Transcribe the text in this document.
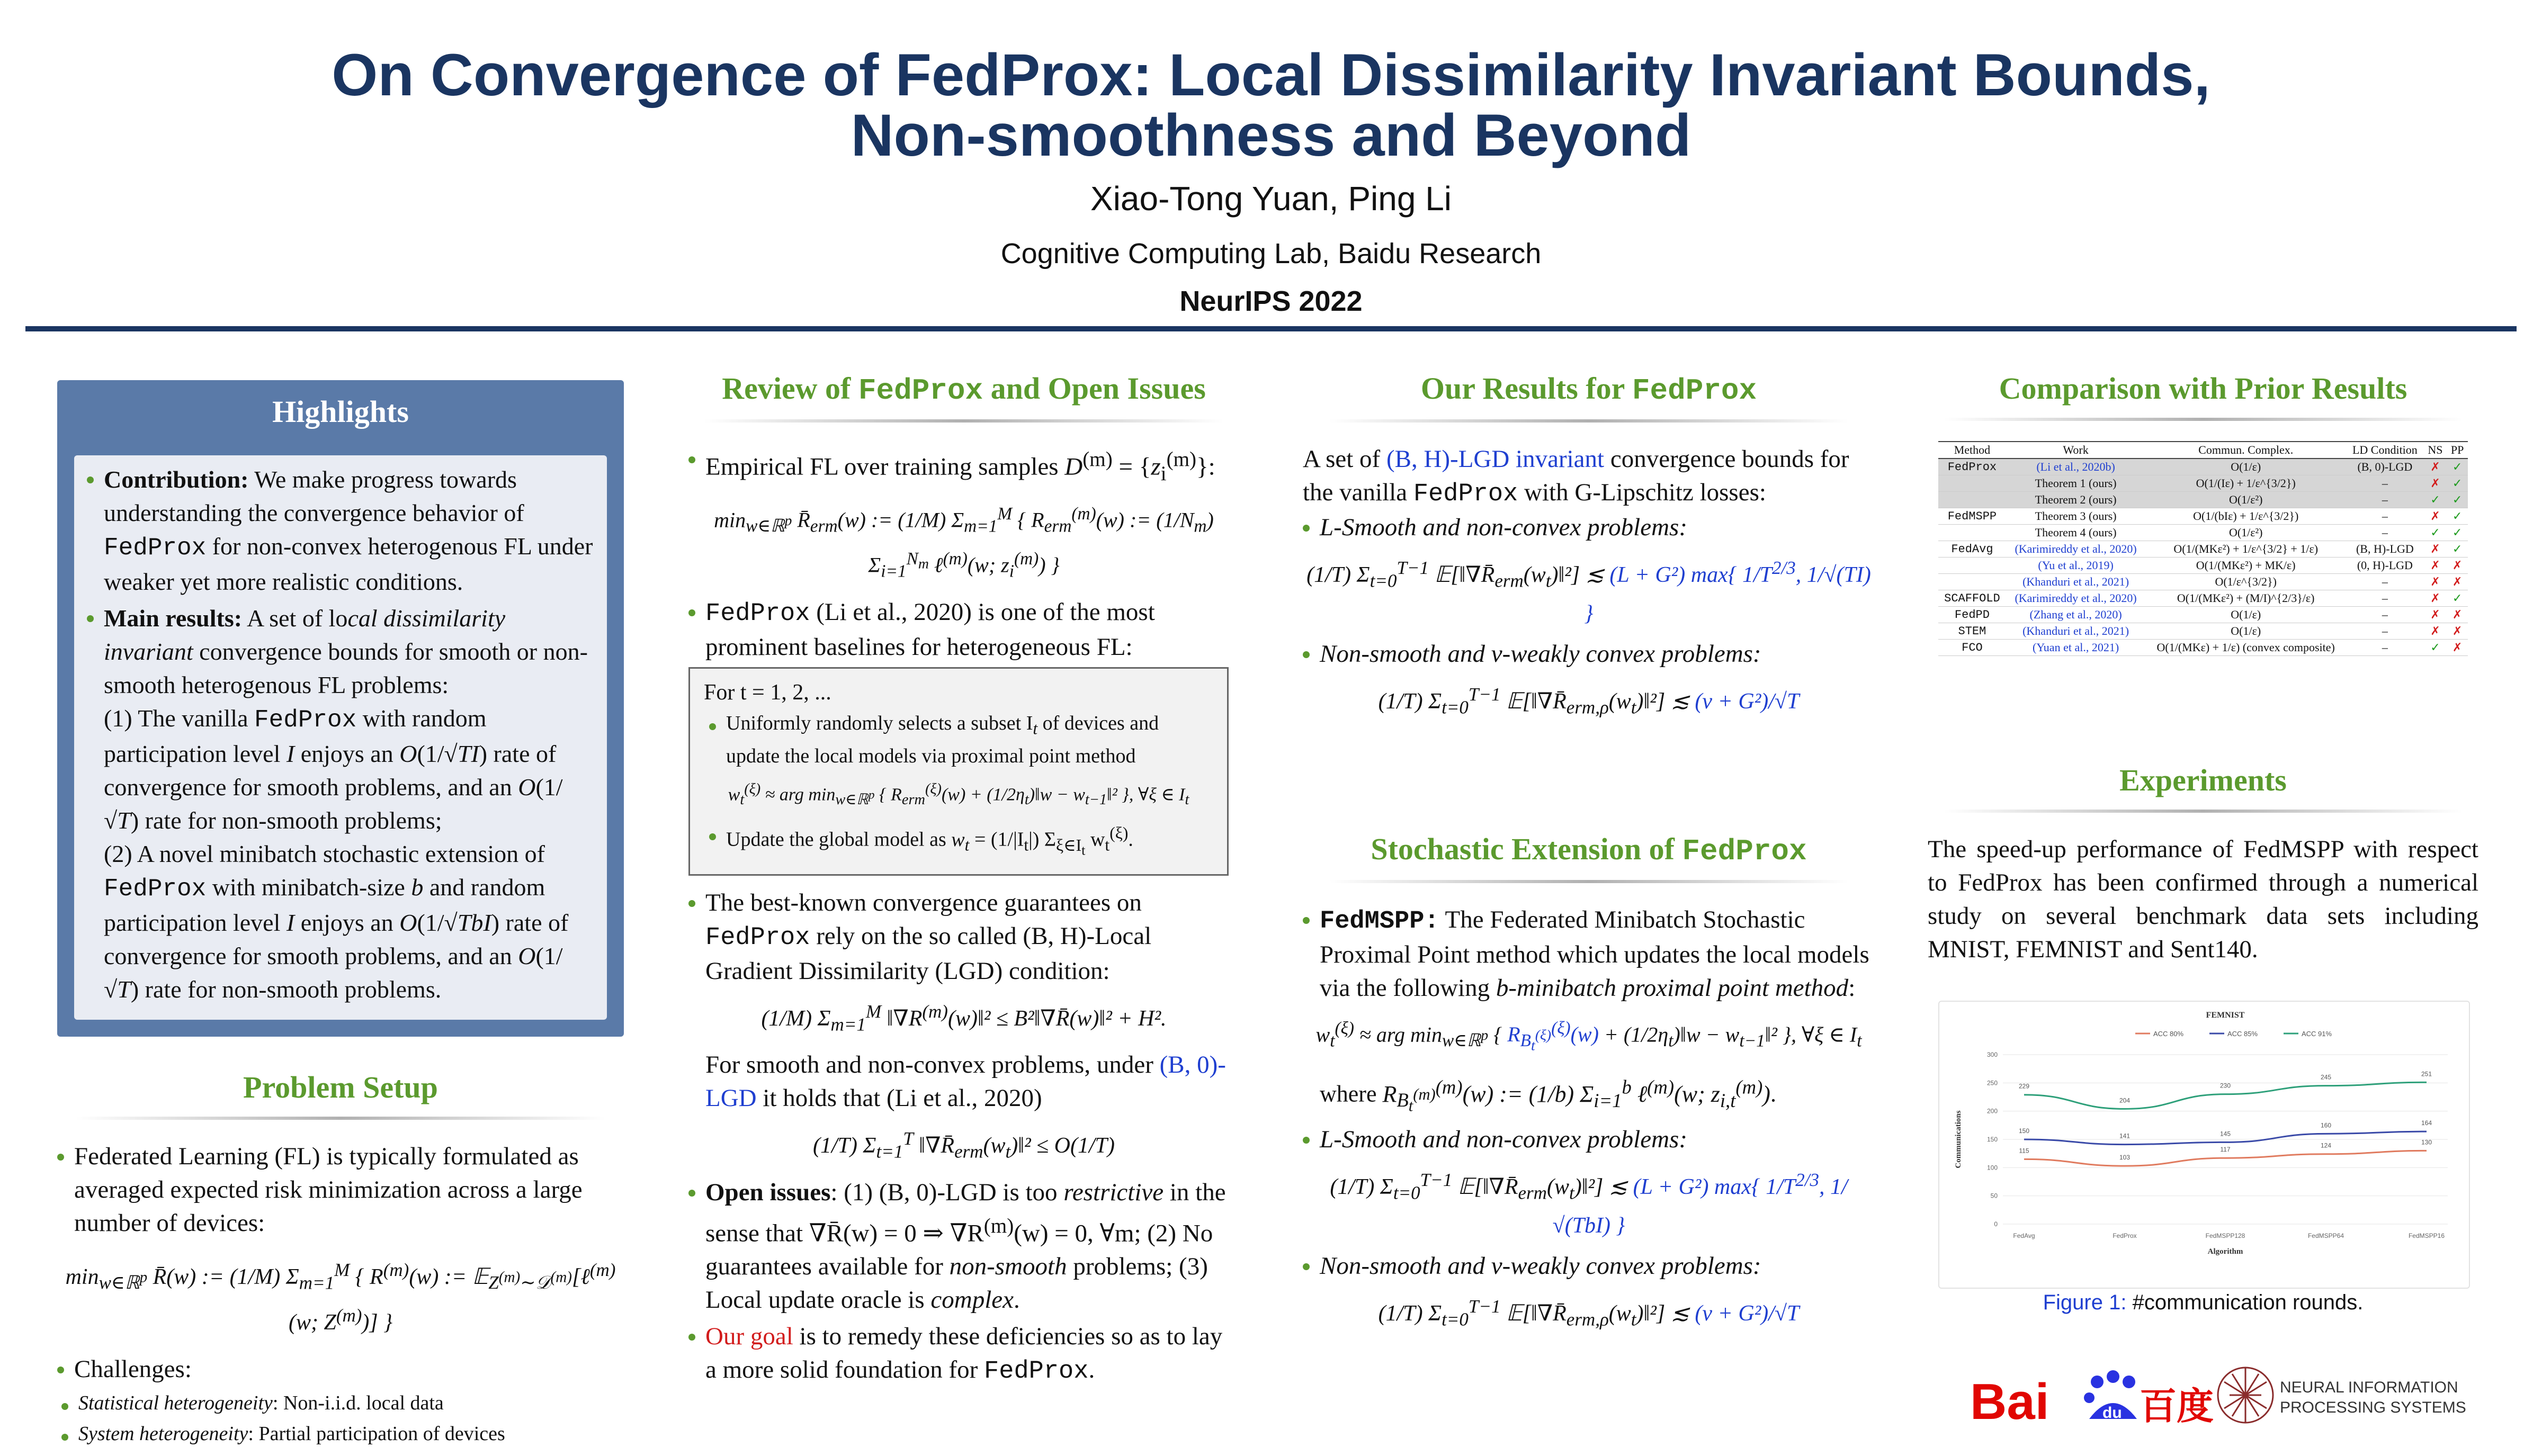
On Convergence of FedProx: Local Dissimilarity Invariant Bounds,
Non-smoothness and Beyond
Xiao-Tong Yuan, Ping Li
Cognitive Computing Lab, Baidu Research
NeurIPS 2022
Highlights
Contribution: We make progress towards understanding the convergence behavior of FedProx for non-convex heterogenous FL under weaker yet more realistic conditions.
Main results: A set of local dissimilarity invariant convergence bounds for smooth or non-smooth heterogenous FL problems:
(1) The vanilla FedProx with random participation level I enjoys an O(1/√TI) rate of convergence for smooth problems, and an O(1/√T) rate for non-smooth problems;
(2) A novel minibatch stochastic extension of FedProx with minibatch-size b and random participation level I enjoys an O(1/√TbI) rate of convergence for smooth problems, and an O(1/√T) rate for non-smooth problems.
Problem Setup
Federated Learning (FL) is typically formulated as averaged expected risk minimization across a large number of devices:
$\min_{w\in ℝ^p}$ R̄(w) := (1/M) $\Sigma_{m=1}^M$ { $R^{(m)}(w)$ := 𝔼$_{Z^{(m)}\sim 𝒟^{(m)}}$[ℓ$^{(m)}$(w; $Z^{(m)}$)] }
Challenges:
Statistical heterogeneity: Non-i.i.d. local data
System heterogeneity: Partial participation of devices
Review of FedProx and Open Issues
Empirical FL over training samples $D^{(m)} = \{z_i^{(m)}\}$:
$\min_{w\in ℝ^p}$ $R̄_{erm}(w)$ := (1/M) $\Sigma_{m=1}^M$ { $R_{erm}^{(m)}(w)$ := $(1/N_m)$ $\Sigma_{i=1}^{N_m}$ ℓ$^{(m)}$(w; $z_i^{(m)}$) }
FedProx (Li et al., 2020) is one of the most prominent baselines for heterogeneous FL:
For t = 1, 2, ...
Uniformly randomly selects a subset $I_t$ of devices and update the local models via proximal point method
$w_t^{(\xi)}$ ≈ arg $\min_{w\in ℝ^p}$ { $R_{erm}^{(\xi)}(w)$ + $(1/2\eta_t)‖w$ − $w_{t-1}‖^2$ }, ∀ξ ∈ $I_t$
Update the global model as $w_t = (1/|I_t|)$ $\Sigma_{\xi\in I_t}$ $w_t^{(\xi)}$.
The best-known convergence guarantees on FedProx rely on the so called (B, H)-Local Gradient Dissimilarity (LGD) condition:
(1/M) $\Sigma_{m=1}^M$ $‖\nabla R^{(m)}(w)‖^2$ ≤ B²‖∇R̄(w)‖² + H².
For smooth and non-convex problems, under (B, 0)-LGD it holds that (Li et al., 2020)
(1/T) $\Sigma_{t=1}^T$ $‖\nabla R̄_{erm}(w_t)‖^2 \le O(1/T)$
Open issues: (1) (B, 0)-LGD is too restrictive in the sense that ∇R̄(w) = 0 ⇒ $\nabla R^{(m)}(w) = 0$, ∀m; (2) No guarantees available for non-smooth problems; (3) Local update oracle is complex.
Our goal is to remedy these deficiencies so as to lay a more solid foundation for FedProx.
Our Results for FedProx
A set of (B, H)-LGD invariant convergence bounds for the vanilla FedProx with G-Lipschitz losses:
L-Smooth and non-convex problems:
(1/T) $\Sigma_{t=0}^{T-1}$ $𝔼[‖\nabla R̄_{erm}(w_t)‖^2]$ ≲ (L + G²) max{ $1/T^{2/3}$, 1/√(TI) }
Non-smooth and ν-weakly convex problems:
(1/T) $\Sigma_{t=0}^{T-1}$ $𝔼[‖\nabla R̄_{erm,\rho}(w_t)‖^2]$ ≲ (ν + G²)/√T
Stochastic Extension of FedProx
FedMSPP: The Federated Minibatch Stochastic Proximal Point method which updates the local models via the following b-minibatch proximal point method:
$w_t^{(\xi)}$ ≈ arg $\min_{w\in ℝ^p}$ { $R_{B_t^{(\xi)}}^{(\xi)}(w)$ + $(1/2\eta_t)‖w$ − $w_{t-1}‖^2$ }, ∀ξ ∈ $I_t$
where $R_{B_t^{(m)}}^{(m)}(w)$ := (1/b) $\Sigma_{i=1}^b$ ℓ$^{(m)}$(w; $z_{i,t}^{(m)}$).
L-Smooth and non-convex problems:
(1/T) $\Sigma_{t=0}^{T-1}$ $𝔼[‖\nabla R̄_{erm}(w_t)‖^2]$ ≲ (L + G²) max{ $1/T^{2/3}$, 1/√(TbI) }
Non-smooth and ν-weakly convex problems:
(1/T) $\Sigma_{t=0}^{T-1}$ $𝔼[‖\nabla R̄_{erm,\rho}(w_t)‖^2]$ ≲ (ν + G²)/√T
Comparison with Prior Results
Method	Work	Commun. Complex.	LD Condition	NS	PP
FedProx	(Li et al., 2020b)	O(1/ε)	(B, 0)-LGD	✗	✓
	Theorem 1 (ours)	O(1/(Iε) + 1/ε^{3/2})	–	✗	✓
	Theorem 2 (ours)	O(1/ε²)	–	✓	✓
FedMSPP	Theorem 3 (ours)	O(1/(bIε) + 1/ε^{3/2})	–	✗	✓
	Theorem 4 (ours)	O(1/ε²)	–	✓	✓
FedAvg	(Karimireddy et al., 2020)	O(1/(MKε²) + 1/ε^{3/2} + 1/ε)	(B, H)-LGD	✗	✓
	(Yu et al., 2019)	O(1/(MKε²) + MK/ε)	(0, H)-LGD	✗	✗
	(Khanduri et al., 2021)	O(1/ε^{3/2})	–	✗	✗
SCAFFOLD	(Karimireddy et al., 2020)	O(1/(MKε²) + (M/I)^{2/3}/ε)	–	✗	✓
FedPD	(Zhang et al., 2020)	O(1/ε)	–	✗	✗
STEM	(Khanduri et al., 2021)	O(1/ε)	–	✗	✗
FCO	(Yuan et al., 2021)	O(1/(MKε) + 1/ε) (convex composite)	–	✓	✗
Experiments
The speed-up performance of FedMSPP with respect to FedProx has been confirmed through a numerical study on several benchmark data sets including MNIST, FEMNIST and Sent140.
FEMNIST
ACC 80%	ACC 85%	ACC 91%
0
50
100
150
200
250
300
FedAvg	FedProx	FedMSPP128	FedMSPP64	FedMSPP16
Algorithm
Communications	115
103
117
124	130
150
141	145
160	164
229
204
230
245	251
Figure 1: #communication rounds.
Bai	du 百度	NEURAL INFORMATION
PROCESSING SYSTEMS
